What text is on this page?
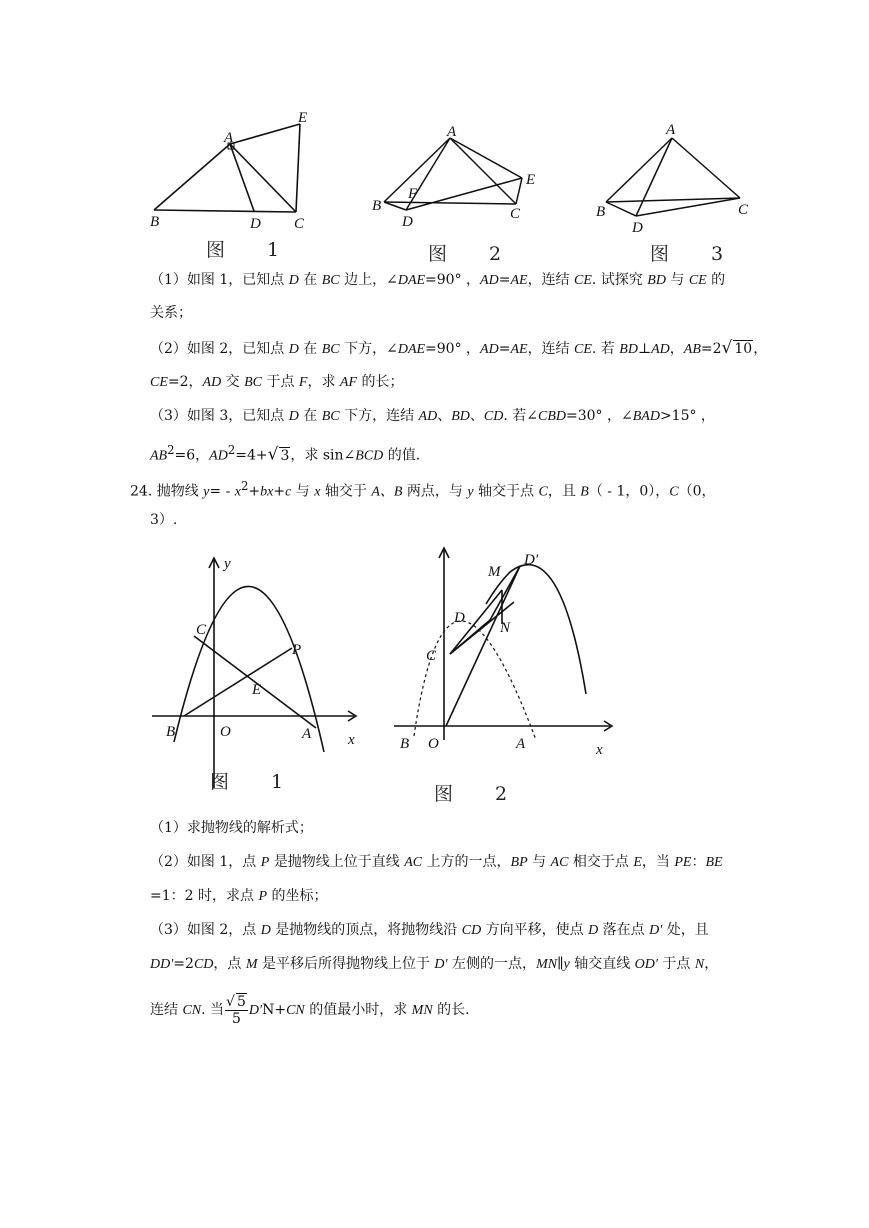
A
B	C
D
E
图 1
A
B	C
D
E
F
图 2
A
B	C
D
图 3
（1）如图 1，已知点 D 在 BC 边上，∠DAE=90° ，AD=AE，连结 CE. 试探究 BD 与 CE 的
关系；
（2）如图 2，已知点 D 在 BC 下方，∠DAE=90° ，AD=AE，连结 CE. 若 BD⊥AD，AB=2√ 10，
CE=2，AD 交 BC 于点 F，求 AF 的长；
（3）如图 3，已知点 D 在 BC 下方，连结 AD、BD、CD. 若∠CBD=30° ，∠BAD>15° ，
$AB^2=6$，$AD^2=4+√$ 3，求 sin∠BCD 的值.
24. 抛物线 $y= - x^2+bx+c$ 与 x 轴交于 A、B 两点，与 y 轴交于点 C，且 B（ - 1，0），C（0，
3）.
y
C
P
E
B	O	A x
图 1
M
D′
D
N
C
B O	A	x
图 2
（1）求抛物线的解析式；
（2）如图 1，点 P 是抛物线上位于直线 AC 上方的一点，BP 与 AC 相交于点 E，当 PE：BE
=1：2 时，求点 P 的坐标；
（3）如图 2，点 D 是抛物线的顶点，将抛物线沿 CD 方向平移，使点 D 落在点 D′ 处，且
DD′=2CD，点 M 是平移后所得抛物线上位于 D′ 左侧的一点，MN∥y 轴交直线 OD′ 于点 N，
连结 CN. 当 $\frac{√ 5}{5} D'N+CN$ 的值最小时，求 MN 的长.
